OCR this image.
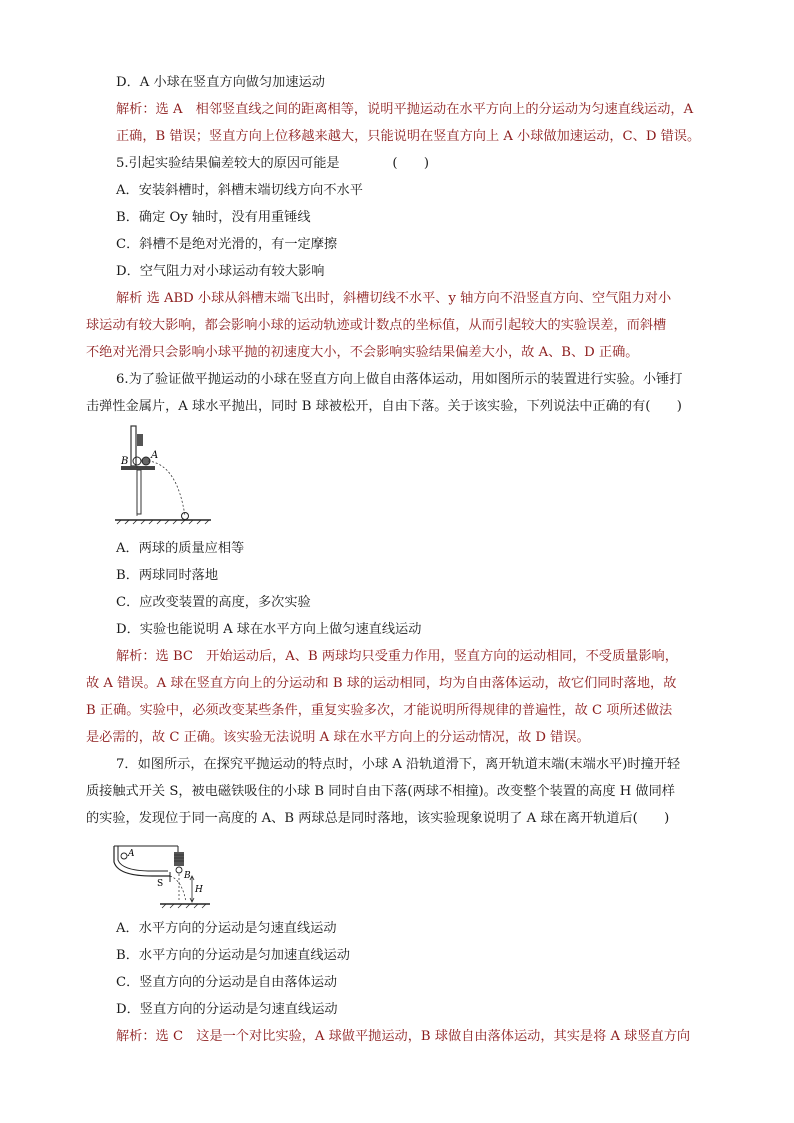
D．A 小球在竖直方向做匀加速运动
解析：选 A　相邻竖直线之间的距离相等，说明平抛运动在水平方向上的分运动为匀速直线运动，A
正确，B 错误；竖直方向上位移越来越大，只能说明在竖直方向上 A 小球做加速运动，C、D 错误。
5.引起实验结果偏差较大的原因可能是　　　　(　　)
A．安装斜槽时，斜槽末端切线方向不水平
B．确定 Oy 轴时，没有用重锤线
C．斜槽不是绝对光滑的，有一定摩擦
D．空气阻力对小球运动有较大影响
解析 选 ABD 小球从斜槽末端飞出时，斜槽切线不水平、y 轴方向不沿竖直方向、空气阻力对小
球运动有较大影响，都会影响小球的运动轨迹或计数点的坐标值，从而引起较大的实验误差，而斜槽
不绝对光滑只会影响小球平抛的初速度大小，不会影响实验结果偏差大小，故 A、B、D 正确。
6.为了验证做平抛运动的小球在竖直方向上做自由落体运动，用如图所示的装置进行实验。小锤打
击弹性金属片，A 球水平抛出，同时 B 球被松开，自由下落。关于该实验，下列说法中正确的有(　　)
B
A
A．两球的质量应相等
B．两球同时落地
C．应改变装置的高度，多次实验
D．实验也能说明 A 球在水平方向上做匀速直线运动
解析：选 BC　开始运动后，A、B 两球均只受重力作用，竖直方向的运动相同，不受质量影响，
故 A 错误。A 球在竖直方向上的分运动和 B 球的运动相同，均为自由落体运动，故它们同时落地，故
B 正确。实验中，必须改变某些条件，重复实验多次，才能说明所得规律的普遍性，故 C 项所述做法
是必需的，故 C 正确。该实验无法说明 A 球在水平方向上的分运动情况，故 D 错误。
7．如图所示，在探究平抛运动的特点时，小球 A 沿轨道滑下，离开轨道末端(末端水平)时撞开轻
质接触式开关 S，被电磁铁吸住的小球 B 同时自由下落(两球不相撞)。改变整个装置的高度 H 做同样
的实验，发现位于同一高度的 A、B 两球总是同时落地，该实验现象说明了 A 球在离开轨道后(　　)
A
S
B
H
A．水平方向的分运动是匀速直线运动
B．水平方向的分运动是匀加速直线运动
C．竖直方向的分运动是自由落体运动
D．竖直方向的分运动是匀速直线运动
解析：选 C　这是一个对比实验，A 球做平抛运动，B 球做自由落体运动，其实是将 A 球竖直方向
